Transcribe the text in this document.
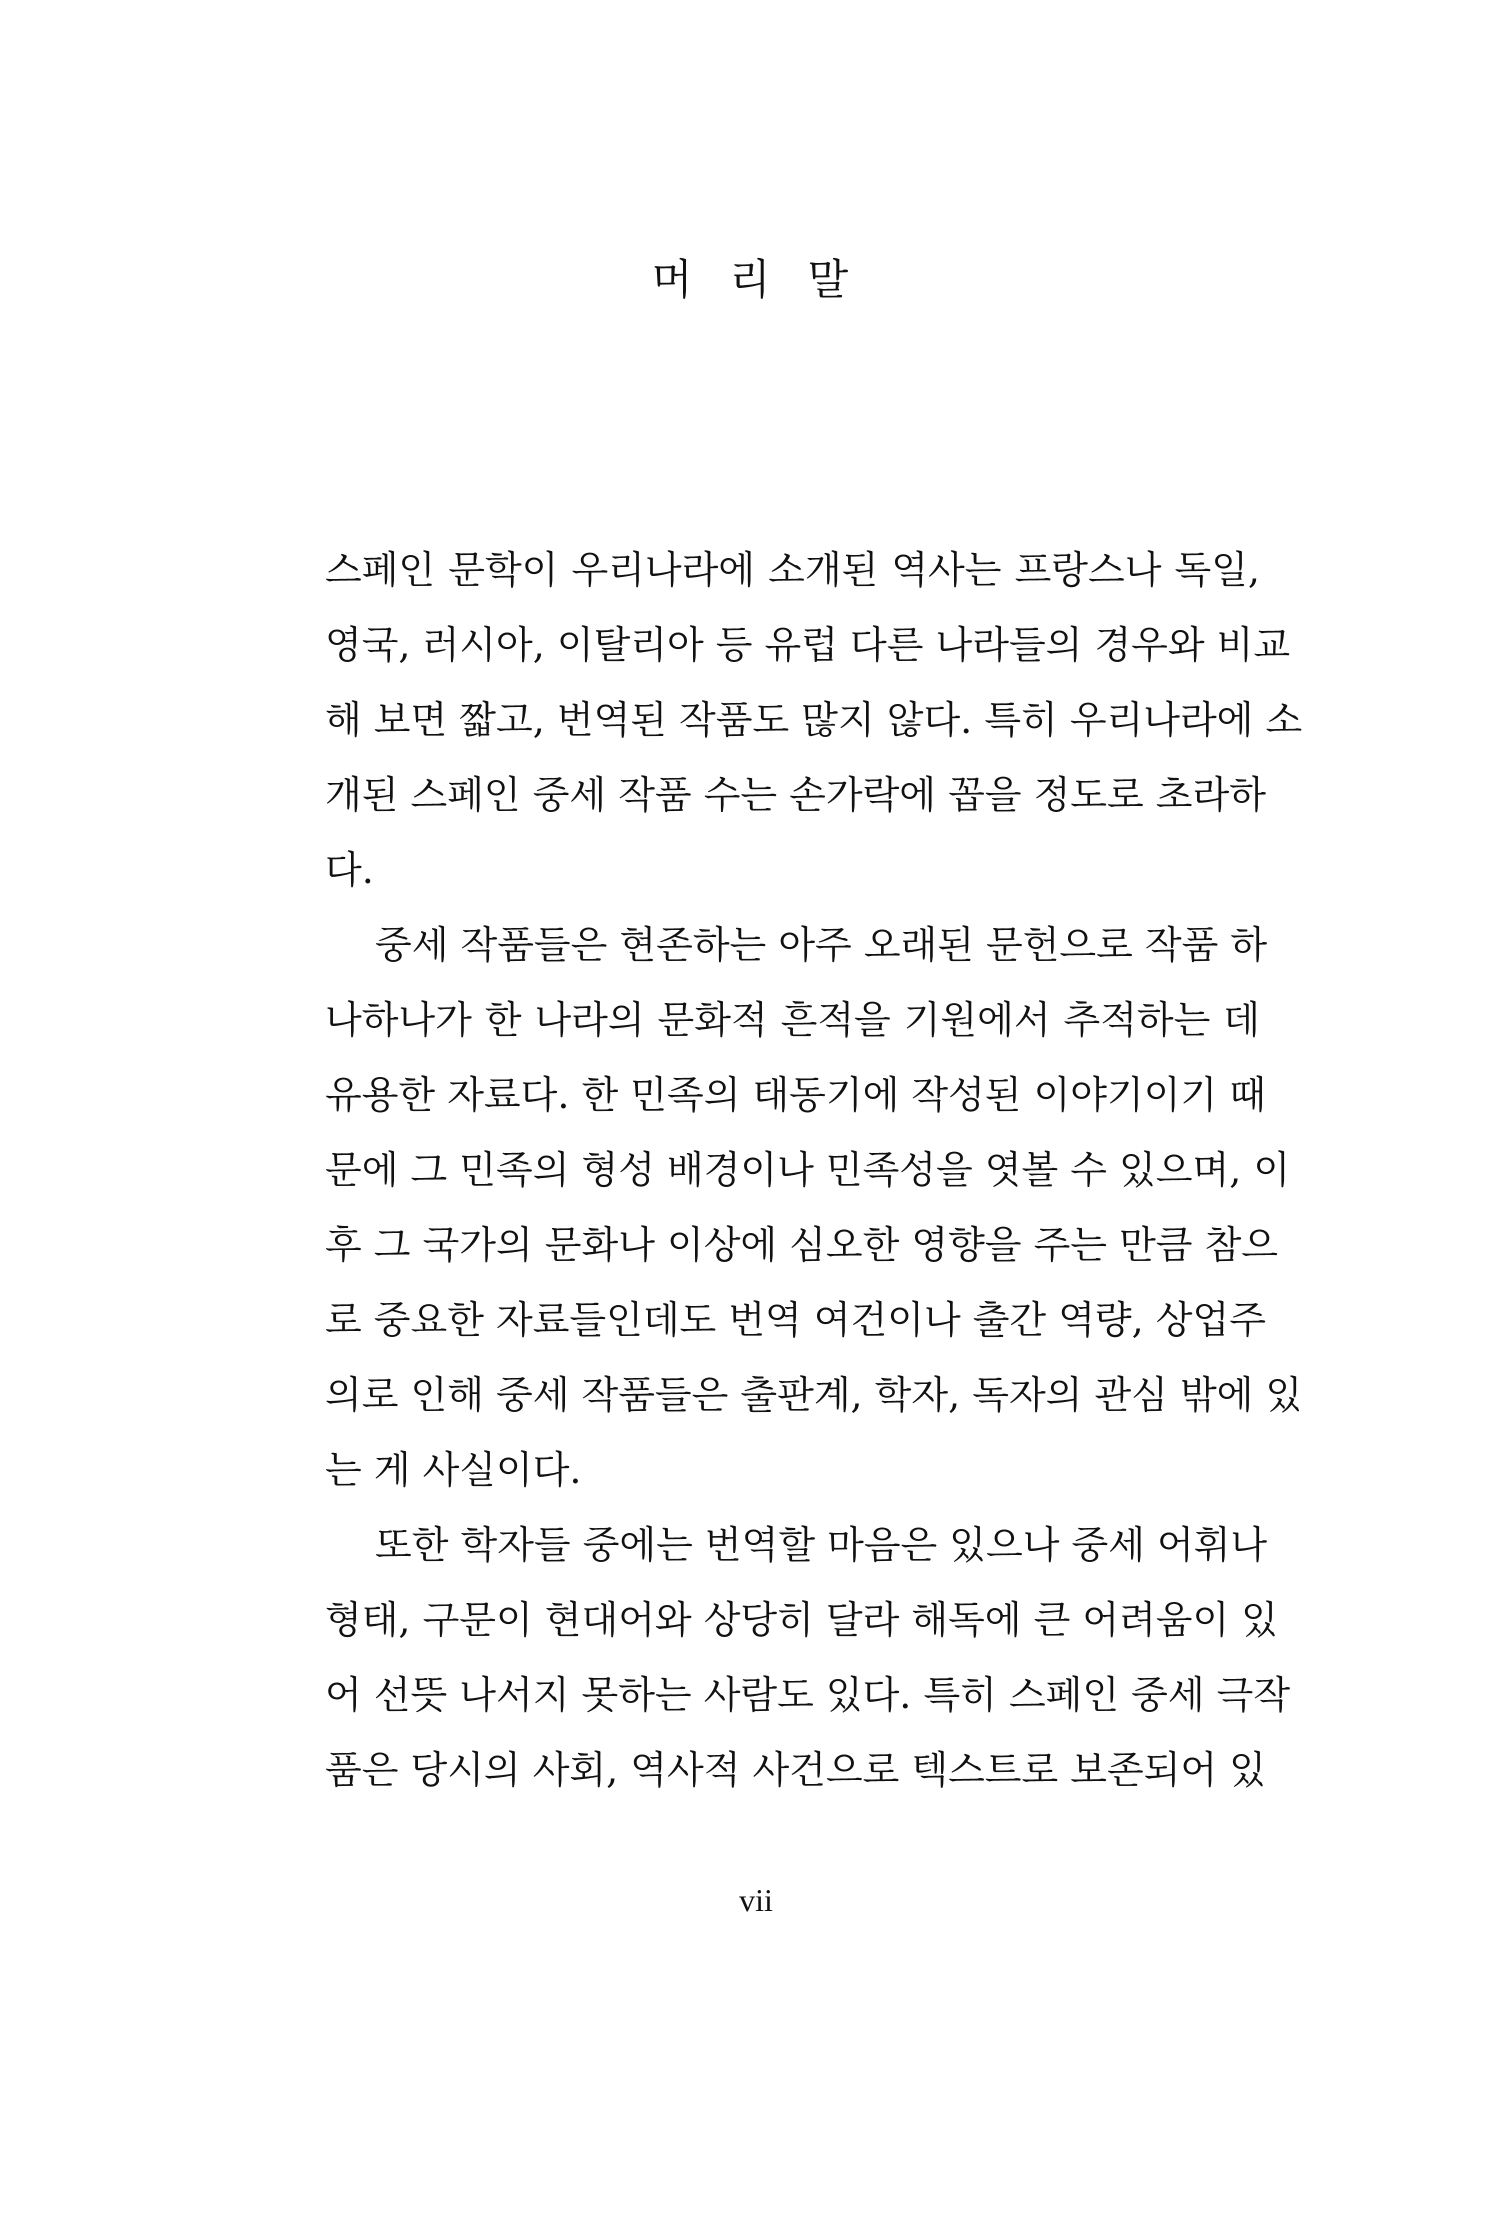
머 리 말
스페인 문학이 우리나라에 소개된 역사는 프랑스나 독일,
영국, 러시아, 이탈리아 등 유럽 다른 나라들의 경우와 비교
해 보면 짧고, 번역된 작품도 많지 않다. 특히 우리나라에 소
개된 스페인 중세 작품 수는 손가락에 꼽을 정도로 초라하
다.
중세 작품들은 현존하는 아주 오래된 문헌으로 작품 하
나하나가 한 나라의 문화적 흔적을 기원에서 추적하는 데
유용한 자료다. 한 민족의 태동기에 작성된 이야기이기 때
문에 그 민족의 형성 배경이나 민족성을 엿볼 수 있으며, 이
후 그 국가의 문화나 이상에 심오한 영향을 주는 만큼 참으
로 중요한 자료들인데도 번역 여건이나 출간 역량, 상업주
의로 인해 중세 작품들은 출판계, 학자, 독자의 관심 밖에 있
는 게 사실이다.
또한 학자들 중에는 번역할 마음은 있으나 중세 어휘나
형태, 구문이 현대어와 상당히 달라 해독에 큰 어려움이 있
어 선뜻 나서지 못하는 사람도 있다. 특히 스페인 중세 극작
품은 당시의 사회, 역사적 사건으로 텍스트로 보존되어 있
vii
